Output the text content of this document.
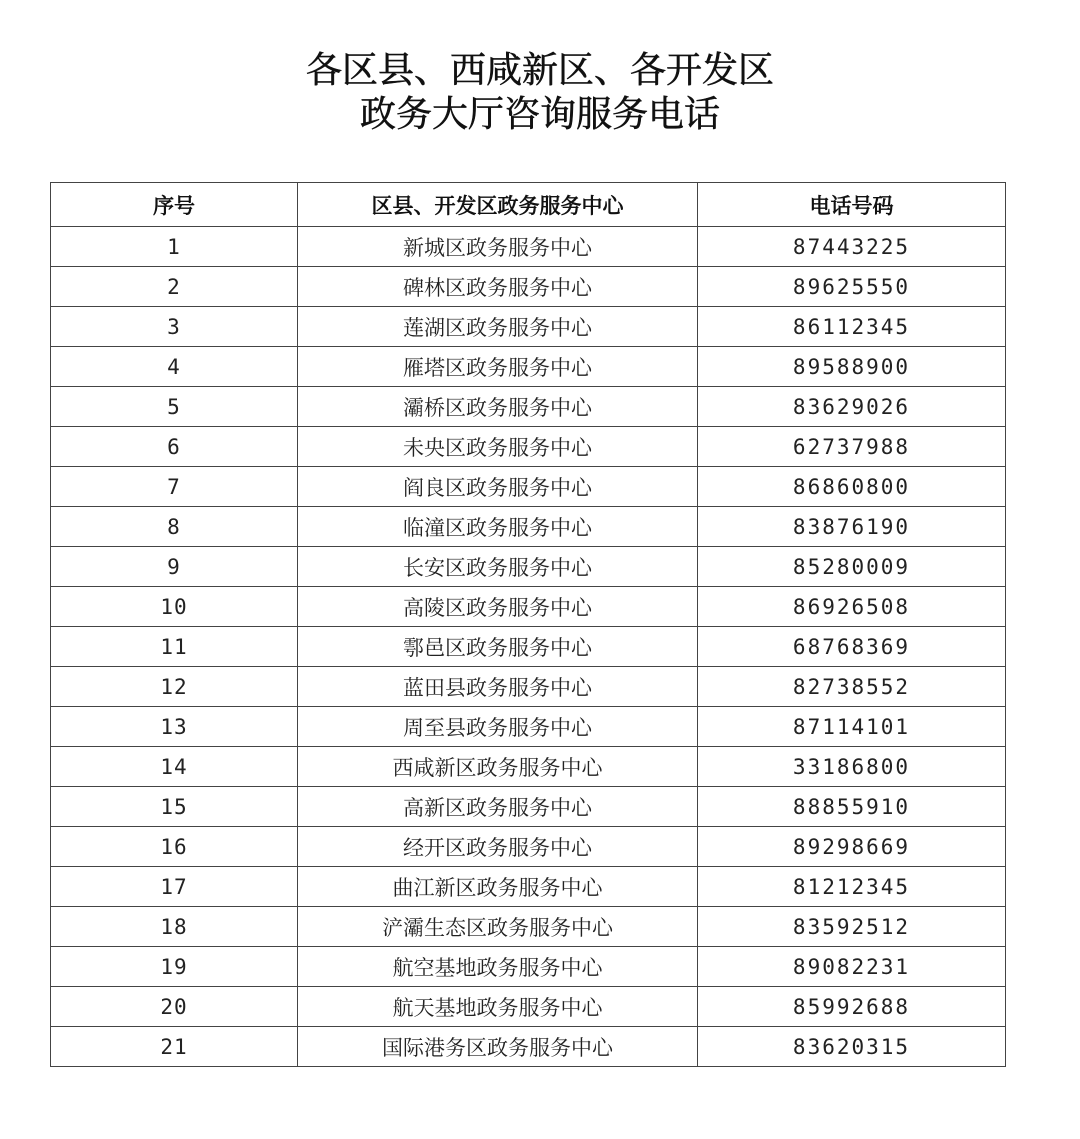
各区县、西咸新区、各开发区
政务大厅咨询服务电话
序号	区县、开发区政务服务中心	电话号码
1	新城区政务服务中心	87443225
2	碑林区政务服务中心	89625550
3	莲湖区政务服务中心	86112345
4	雁塔区政务服务中心	89588900
5	灞桥区政务服务中心	83629026
6	未央区政务服务中心	62737988
7	阎良区政务服务中心	86860800
8	临潼区政务服务中心	83876190
9	长安区政务服务中心	85280009
10	高陵区政务服务中心	86926508
11	鄠邑区政务服务中心	68768369
12	蓝田县政务服务中心	82738552
13	周至县政务服务中心	87114101
14	西咸新区政务服务中心	33186800
15	高新区政务服务中心	88855910
16	经开区政务服务中心	89298669
17	曲江新区政务服务中心	81212345
18	浐灞生态区政务服务中心	83592512
19	航空基地政务服务中心	89082231
20	航天基地政务服务中心	85992688
21	国际港务区政务服务中心	83620315
